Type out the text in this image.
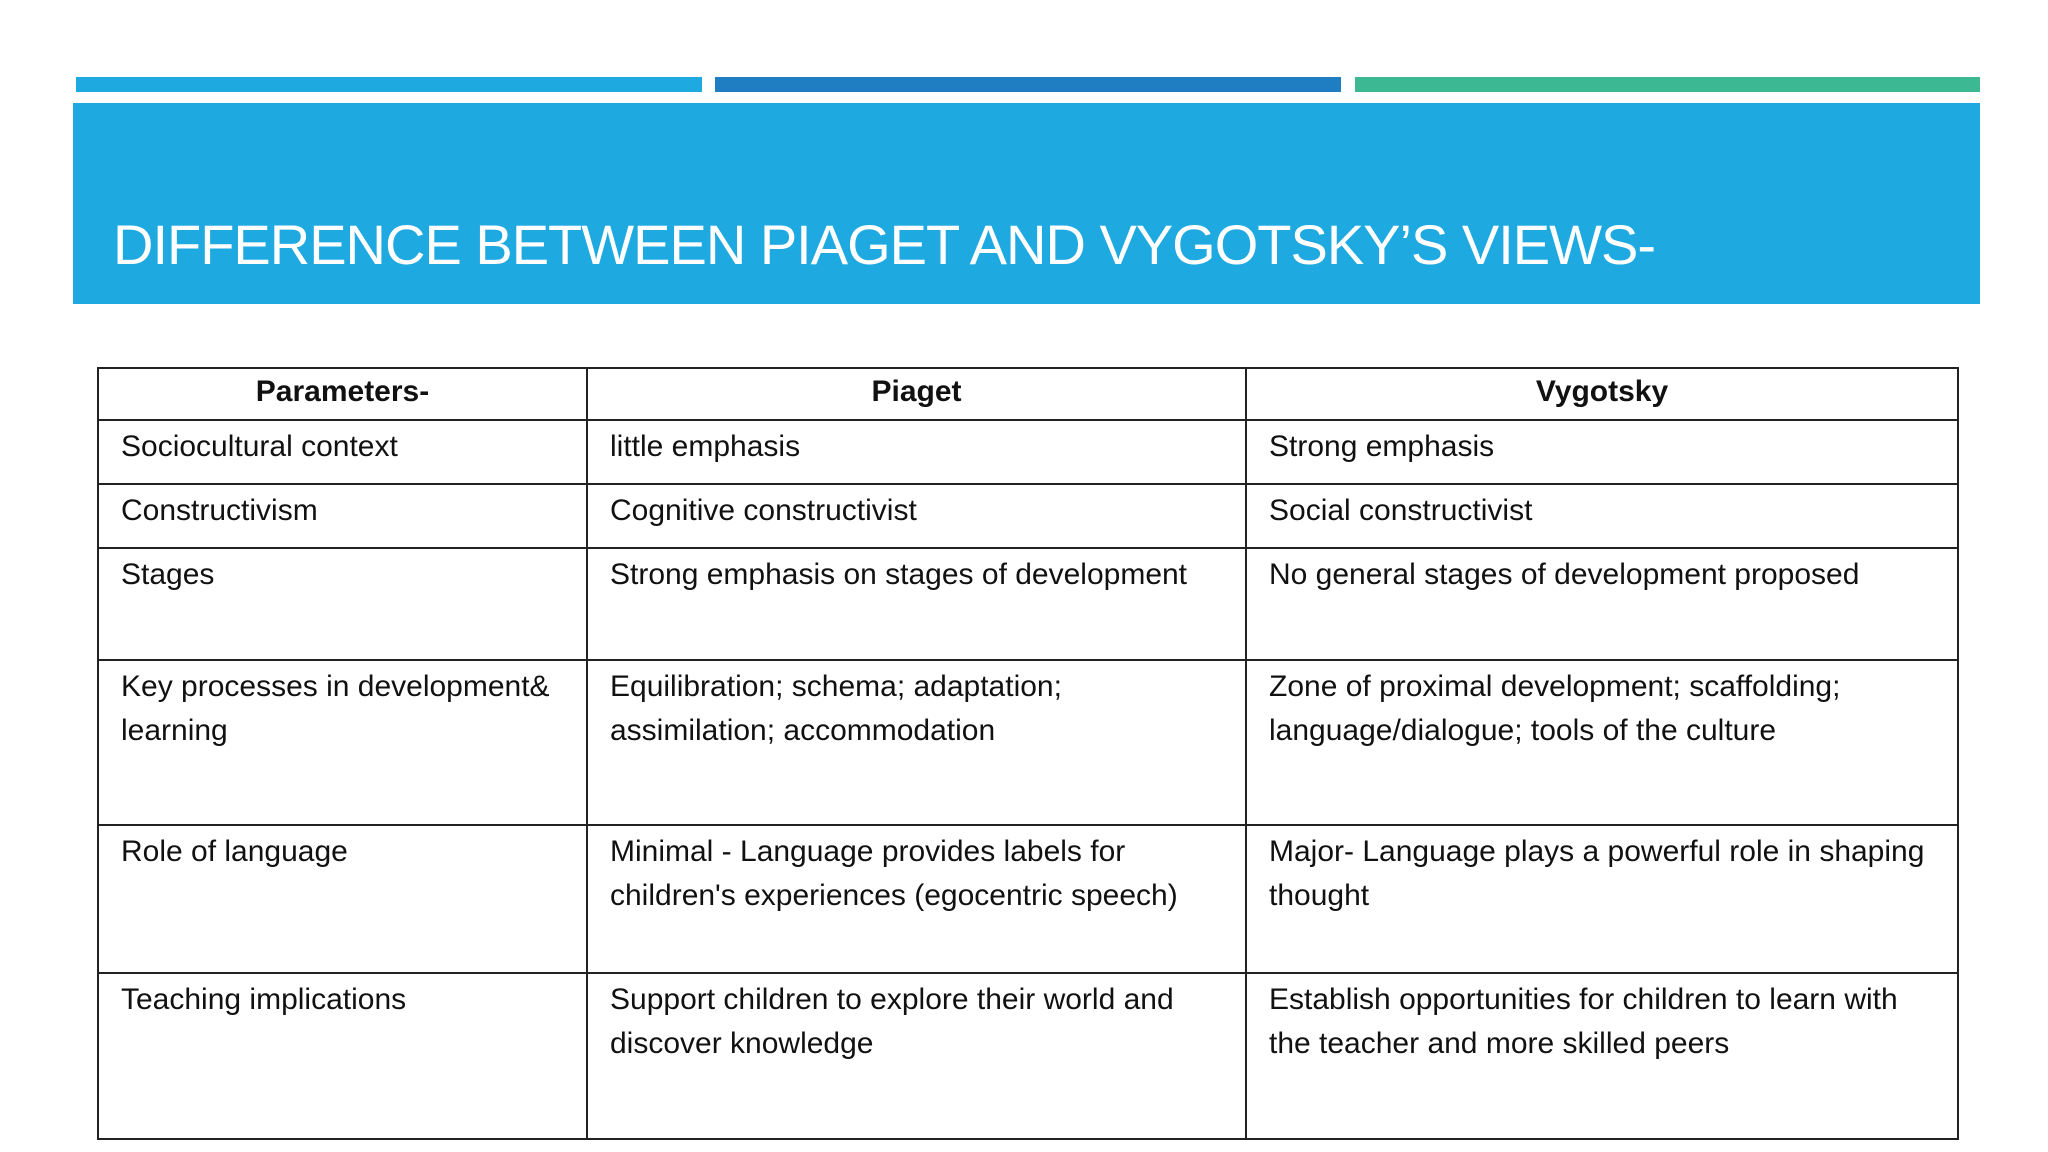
DIFFERENCE BETWEEN PIAGET AND VYGOTSKY’S VIEWS-
Parameters-	Piaget	Vygotsky
Sociocultural context	little emphasis	Strong emphasis
Constructivism	Cognitive constructivist	Social constructivist
Stages	Strong emphasis on stages of development	No general stages of development proposed
Key processes in development& learning	Equilibration; schema; adaptation; assimilation; accommodation	Zone of proximal development; scaffolding; language/dialogue; tools of the culture
Role of language	Minimal - Language provides labels for children's experiences (egocentric speech)	Major- Language plays a powerful role in shaping thought
Teaching implications	Support children to explore their world and discover knowledge	Establish opportunities for children to learn with the teacher and more skilled peers
